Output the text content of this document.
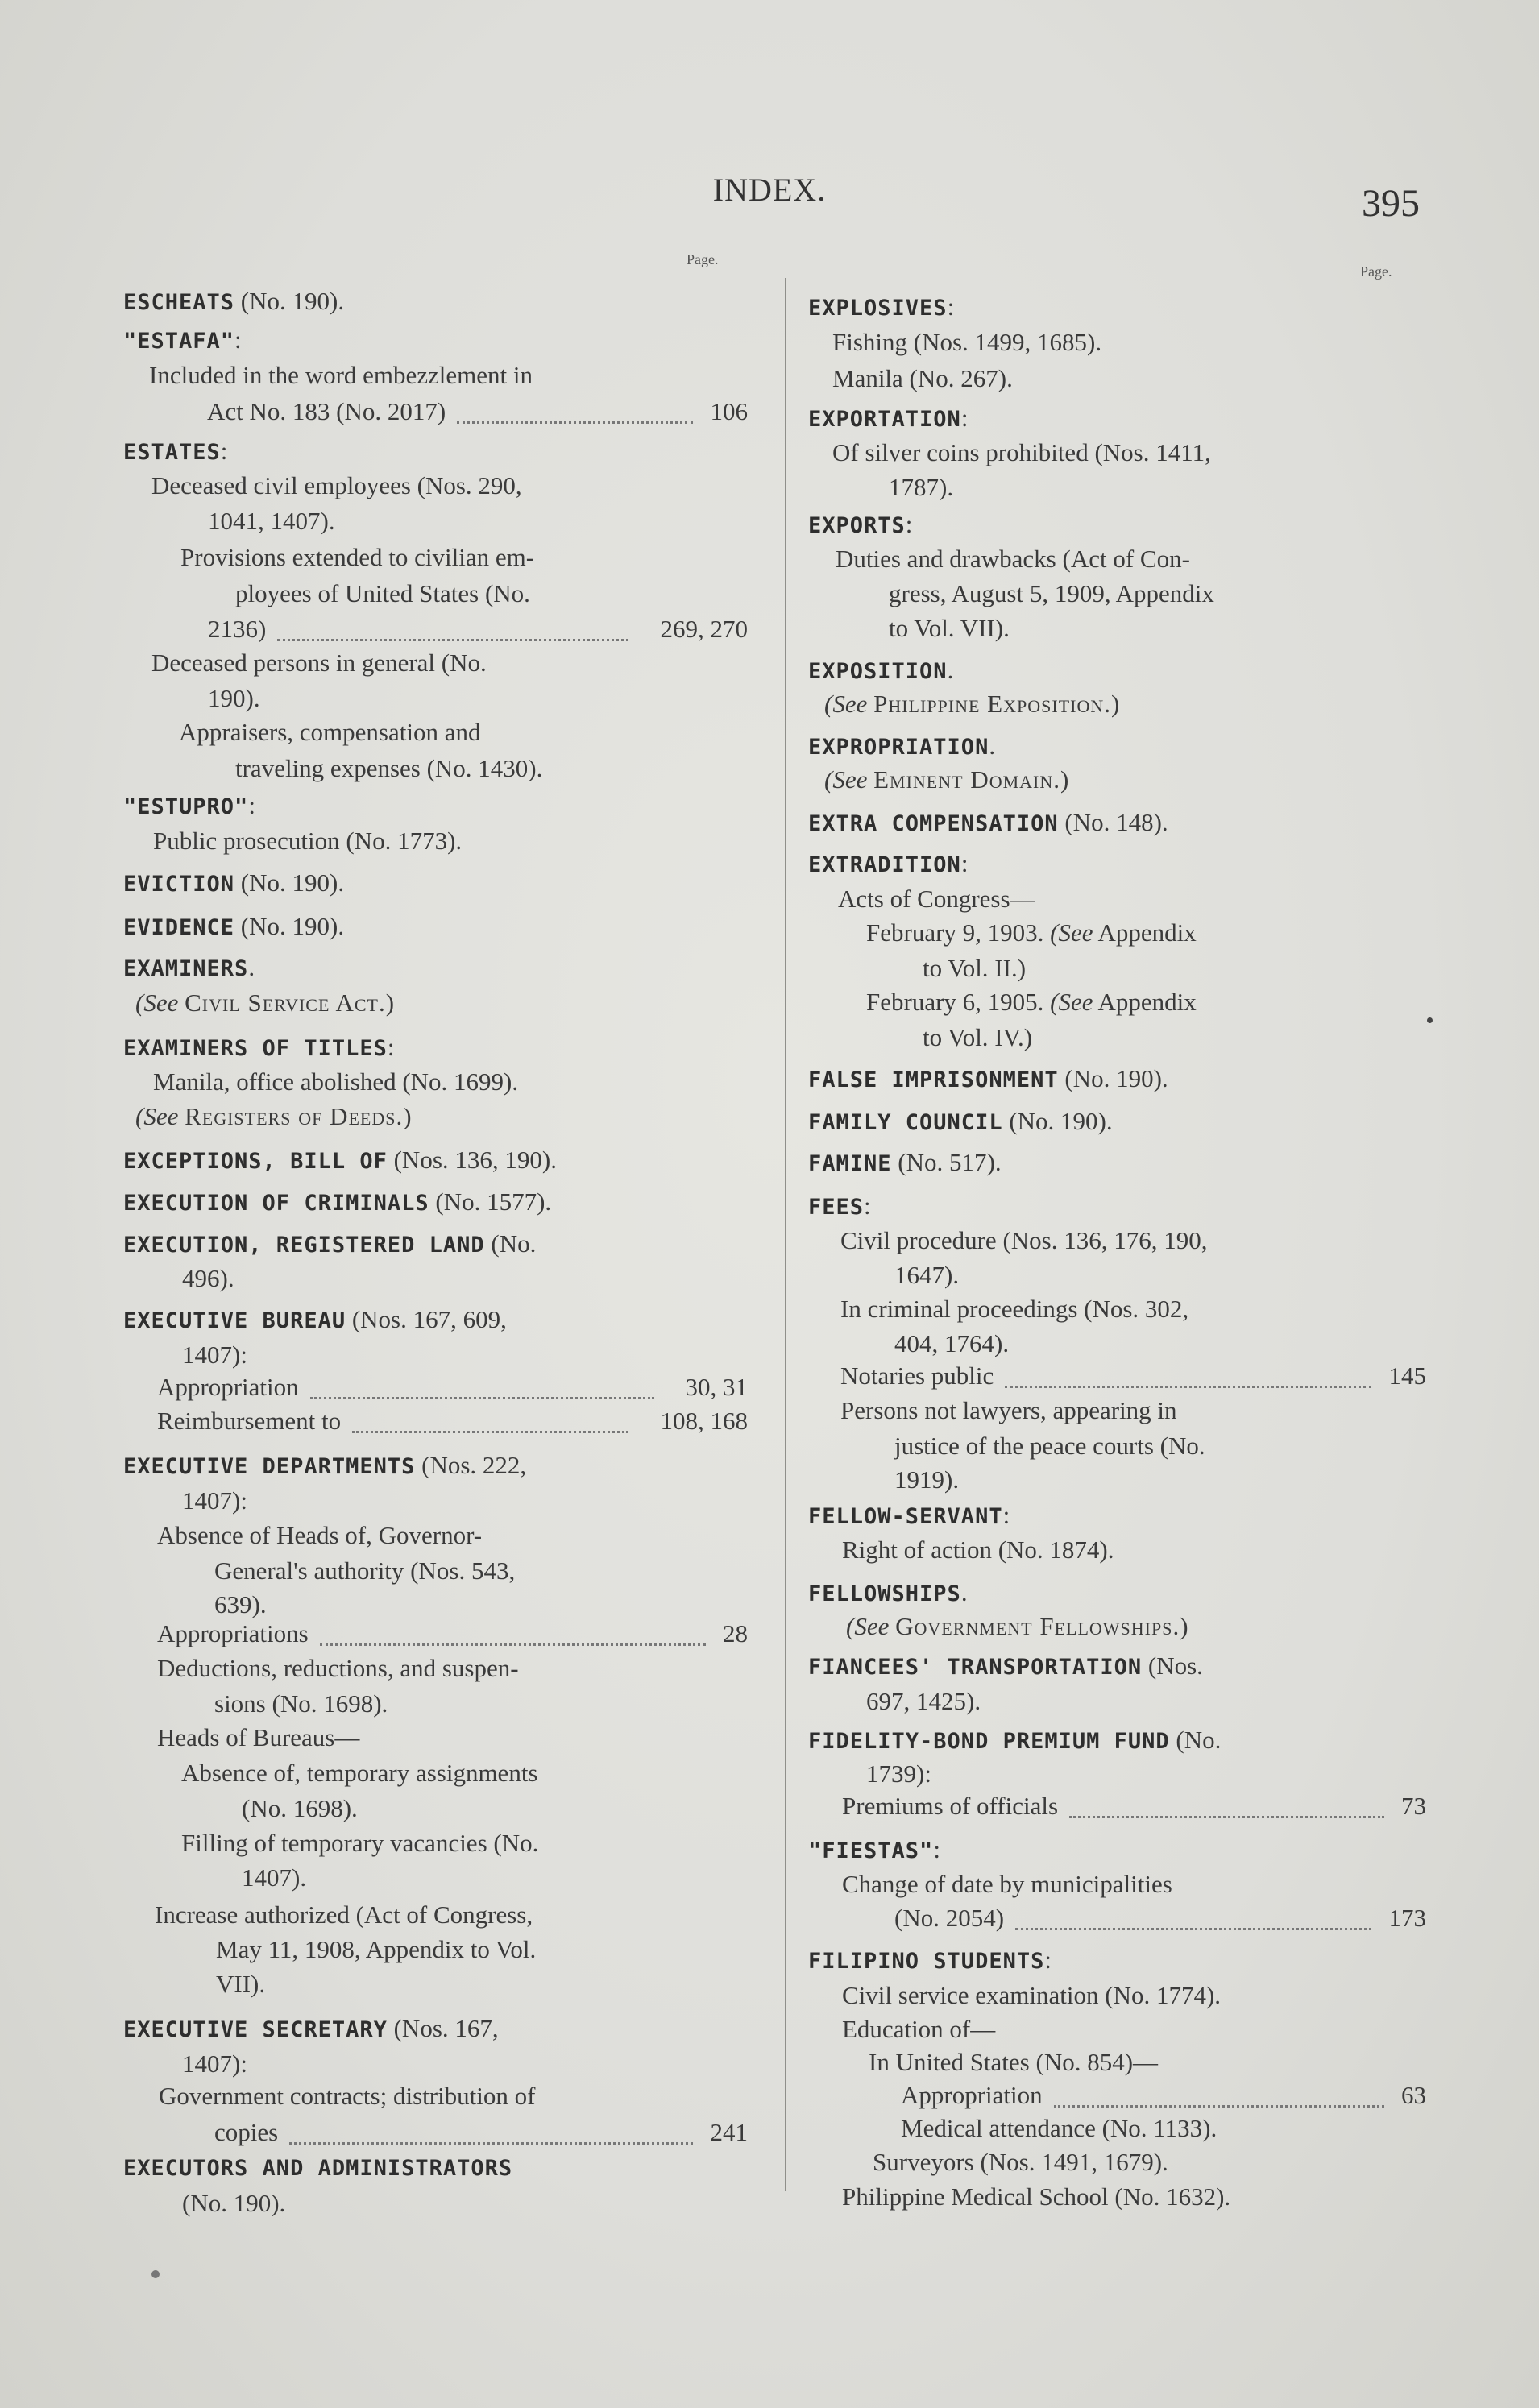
INDEX.	395
Page.
Page.
ESCHEATS (No. 190).
"ESTAFA":
Included in the word embezzlement in
Act No. 183 (No. 2017)
ESTATES:
Deceased civil employees (Nos. 290,
1041, 1407).
Provisions extended to civilian em-
ployees of United States (No.
2136)
Deceased persons in general (No.
190).
Appraisers, compensation and
traveling expenses (No. 1430).
"ESTUPRO":
Public prosecution (No. 1773).
EVICTION (No. 190).
EVIDENCE (No. 190).
EXAMINERS.
(See Civil Service Act.)
EXAMINERS OF TITLES:
Manila, office abolished (No. 1699).
(See Registers of Deeds.)
EXCEPTIONS, BILL OF (Nos. 136, 190).
EXECUTION OF CRIMINALS (No. 1577).
EXECUTION, REGISTERED LAND (No.
496).
EXECUTIVE BUREAU (Nos. 167, 609,
1407):
Appropriation
Reimbursement to
EXECUTIVE DEPARTMENTS (Nos. 222,
1407):
Absence of Heads of, Governor-
General's authority (Nos. 543,
639).
Appropriations
Deductions, reductions, and suspen-
sions (No. 1698).
Heads of Bureaus—
Absence of, temporary assignments
(No. 1698).
Filling of temporary vacancies (No.
1407).
Increase authorized (Act of Congress,
May 11, 1908, Appendix to Vol.
VII).
EXECUTIVE SECRETARY (Nos. 167,
1407):
Government contracts; distribution of
copies
EXECUTORS AND ADMINISTRATORS
(No. 190).
106
269, 270
30, 31
108, 168
28
241
EXPLOSIVES:
Fishing (Nos. 1499, 1685).
Manila (No. 267).
EXPORTATION:
Of silver coins prohibited (Nos. 1411,
1787).
EXPORTS:
Duties and drawbacks (Act of Con-
gress, August 5, 1909, Appendix
to Vol. VII).
EXPOSITION.
(See Philippine Exposition.)
EXPROPRIATION.
(See Eminent Domain.)
EXTRA COMPENSATION (No. 148).
EXTRADITION:
Acts of Congress—
February 9, 1903. (See Appendix
to Vol. II.)
February 6, 1905. (See Appendix
to Vol. IV.)
FALSE IMPRISONMENT (No. 190).
FAMILY COUNCIL (No. 190).
FAMINE (No. 517).
FEES:
Civil procedure (Nos. 136, 176, 190,
1647).
In criminal proceedings (Nos. 302,
404, 1764).
Notaries public
Persons not lawyers, appearing in
justice of the peace courts (No.
1919).
FELLOW-SERVANT:
Right of action (No. 1874).
FELLOWSHIPS.
(See Government Fellowships.)
FIANCEES' TRANSPORTATION (Nos.
697, 1425).
FIDELITY-BOND PREMIUM FUND (No.
1739):
Premiums of officials
"FIESTAS":
Change of date by municipalities
(No. 2054)
FILIPINO STUDENTS:
Civil service examination (No. 1774).
Education of—
In United States (No. 854)—
Appropriation
Medical attendance (No. 1133).
Surveyors (Nos. 1491, 1679).
Philippine Medical School (No. 1632).
145
73
173
63
